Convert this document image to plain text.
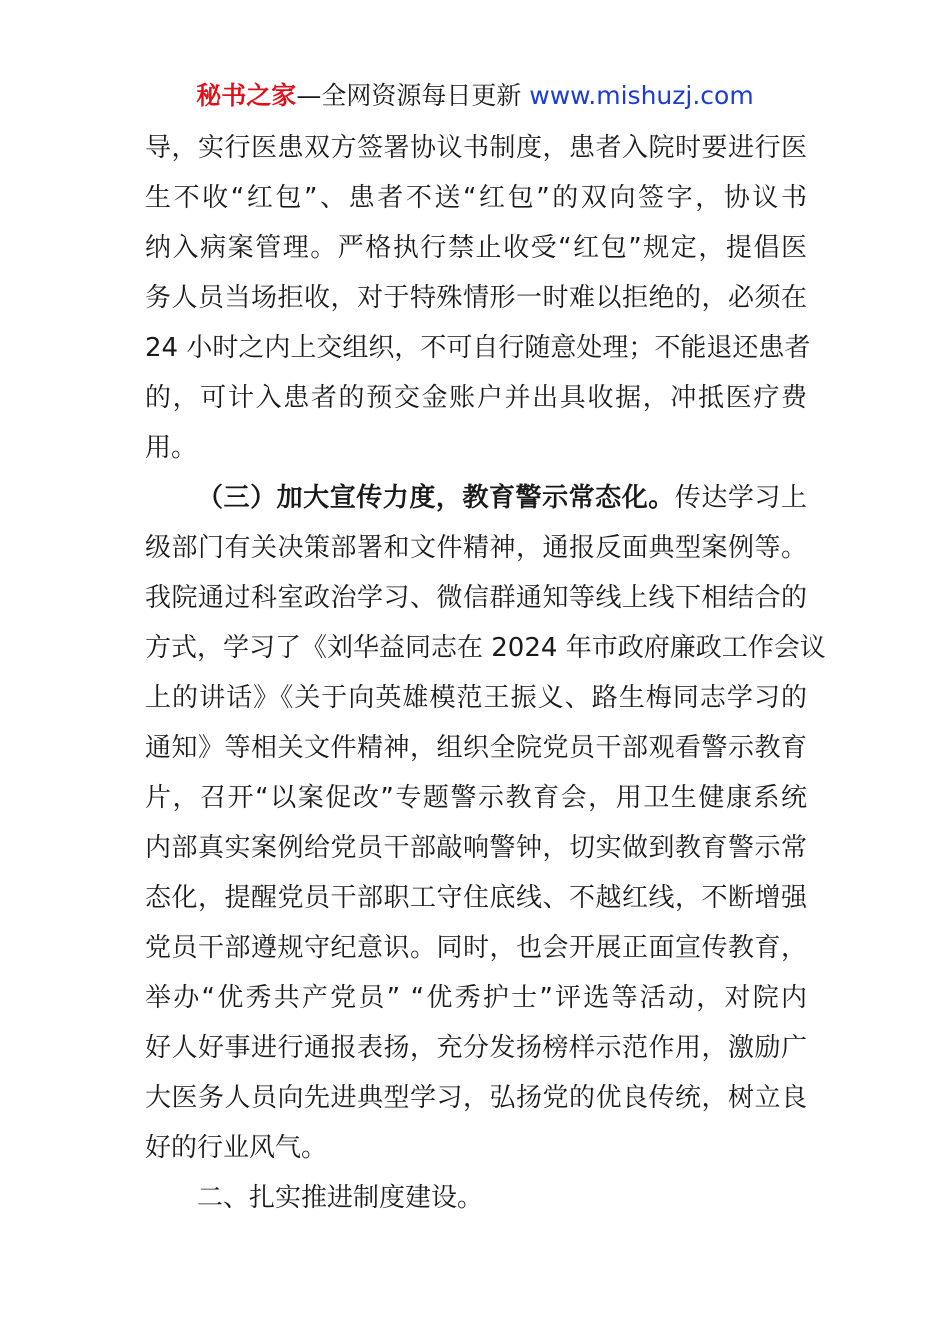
秘书之家—全网资源每日更新 www.mishuzj.com
导，实行医患双方签署协议书制度，患者入院时要进行医
生不收“红包”、患者不送“红包”的双向签字，协议书
纳入病案管理。严格执行禁止收受“红包”规定，提倡医
务人员当场拒收，对于特殊情形一时难以拒绝的，必须在
24 小时之内上交组织，不可自行随意处理；不能退还患者
的，可计入患者的预交金账户并出具收据，冲抵医疗费
用。
（三）加大宣传力度，教育警示常态化。传达学习上
级部门有关决策部署和文件精神，通报反面典型案例等。
我院通过科室政治学习、微信群通知等线上线下相结合的
方式，学习了《刘华益同志在 2024 年市政府廉政工作会议
上的讲话》《关于向英雄模范王振义、路生梅同志学习的
通知》等相关文件精神，组织全院党员干部观看警示教育
片，召开“以案促改”专题警示教育会，用卫生健康系统
内部真实案例给党员干部敲响警钟，切实做到教育警示常
态化，提醒党员干部职工守住底线、不越红线，不断增强
党员干部遵规守纪意识。同时，也会开展正面宣传教育，
举办“优秀共产党员” “优秀护士”评选等活动，对院内
好人好事进行通报表扬，充分发扬榜样示范作用，激励广
大医务人员向先进典型学习，弘扬党的优良传统，树立良
好的行业风气。
二、扎实推进制度建设。
